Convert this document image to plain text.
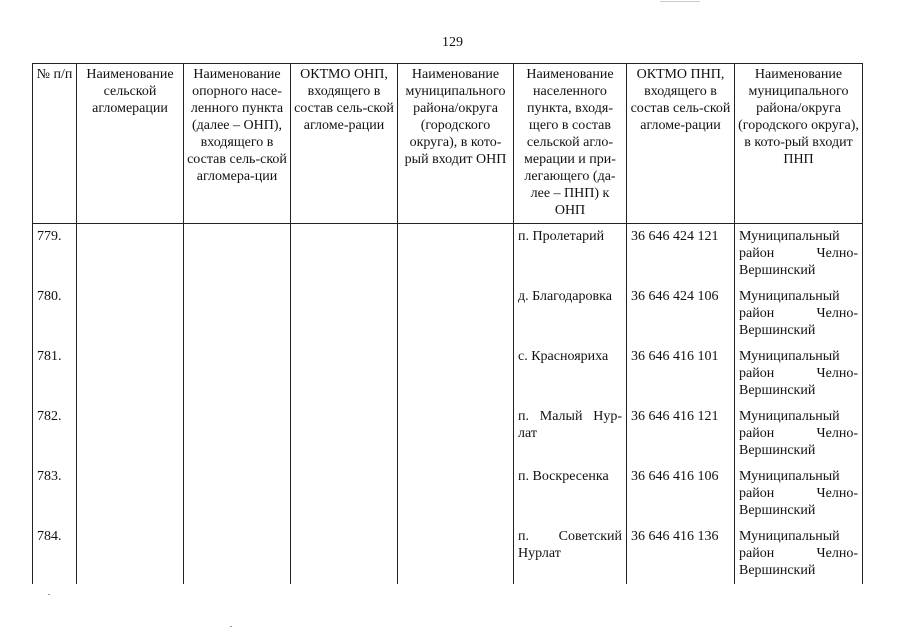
129
№ п/п	Наименование сельской агломерации	Наименование опорного насе-ленного пункта (далее – ОНП), входящего в состав сель-ской агломера-ции	ОКТМО ОНП, входящего в состав сель-ской агломе-рации	Наименование муниципального района/округа (городского округа), в кото-рый входит ОНП	Наименование населенного пункта, входя-щего в состав сельской агло-мерации и при-легающего (да-лее – ПНП) к ОНП	ОКТМО ПНП, входящего в состав сель-ской агломе-рации	Наименование муниципального района/округа (городского округа), в кото-рый входит ПНП
779.					п. Пролетарий	36 646 424 121	Муниципальный
район Челно-
Вершинский

780.					д. Благодаровка	36 646 424 106	Муниципальный
район Челно-
Вершинский

781.					с. Краснояриха	36 646 416 101	Муниципальный
район Челно-
Вершинский

782.					п. Малый Нур-лат	36 646 416 121	Муниципальный
район Челно-
Вершинский

783.					п. Воскресенка	36 646 416 106	Муниципальный
район Челно-
Вершинский

784.					п. Советский Нурлат	36 646 416 136	Муниципальный
район Челно-
Вершинский
